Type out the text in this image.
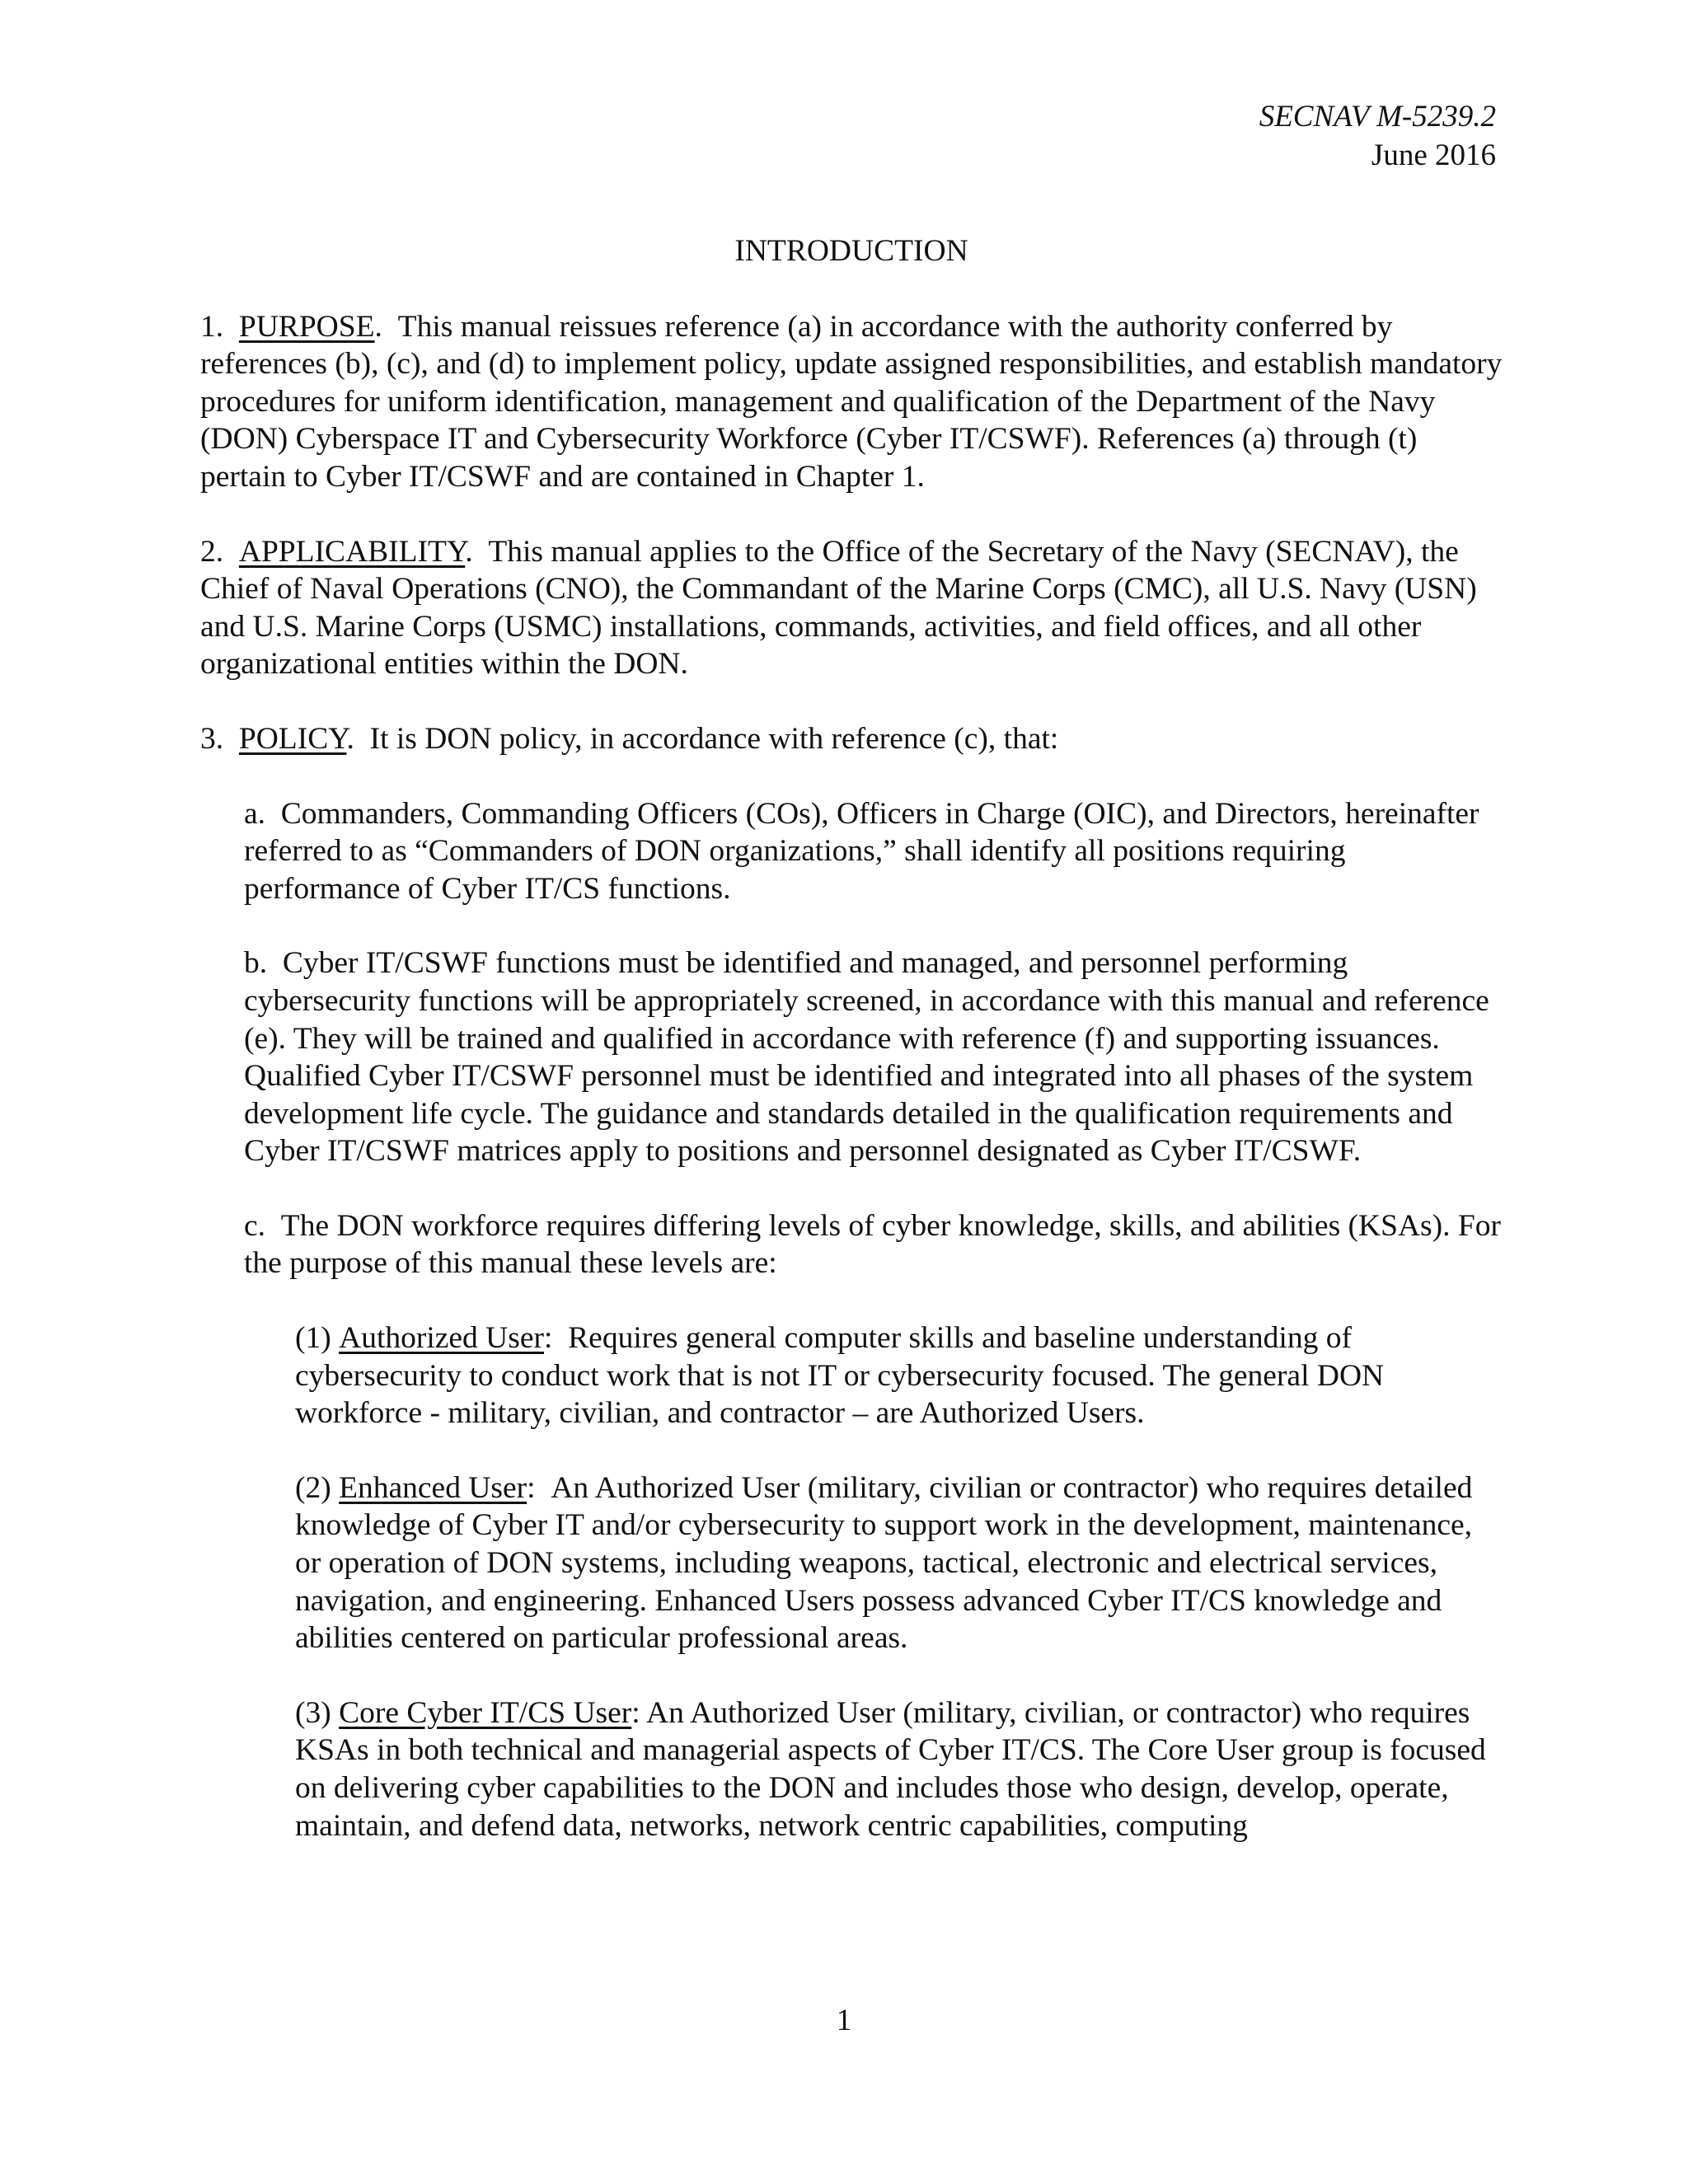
SECNAV M-5239.2
June 2016
INTRODUCTION

1. PURPOSE.  This manual reissues reference (a) in accordance with the authority conferred by references (b), (c), and (d) to implement policy, update assigned responsibilities, and establish mandatory procedures for uniform identification, management and qualification of the Department of the Navy (DON) Cyberspace IT and Cybersecurity Workforce (Cyber IT/CSWF). References (a) through (t) pertain to Cyber IT/CSWF and are contained in Chapter 1.

2. APPLICABILITY.  This manual applies to the Office of the Secretary of the Navy (SECNAV), the Chief of Naval Operations (CNO), the Commandant of the Marine Corps (CMC), all U.S. Navy (USN) and U.S. Marine Corps (USMC) installations, commands, activities, and field offices, and all other organizational entities within the DON.

3. POLICY.  It is DON policy, in accordance with reference (c), that:

a. Commanders, Commanding Officers (COs), Officers in Charge (OIC), and Directors, hereinafter referred to as “Commanders of DON organizations,” shall identify all positions requiring performance of Cyber IT/CS functions.

b. Cyber IT/CSWF functions must be identified and managed, and personnel performing cybersecurity functions will be appropriately screened, in accordance with this manual and reference (e). They will be trained and qualified in accordance with reference (f) and supporting issuances. Qualified Cyber IT/CSWF personnel must be identified and integrated into all phases of the system development life cycle. The guidance and standards detailed in the qualification requirements and Cyber IT/CSWF matrices apply to positions and personnel designated as Cyber IT/CSWF.

c. The DON workforce requires differing levels of cyber knowledge, skills, and abilities (KSAs). For the purpose of this manual these levels are:

(1) Authorized User:  Requires general computer skills and baseline understanding of cybersecurity to conduct work that is not IT or cybersecurity focused. The general DON workforce - military, civilian, and contractor – are Authorized Users.

(2) Enhanced User:  An Authorized User (military, civilian or contractor) who requires detailed knowledge of Cyber IT and/or cybersecurity to support work in the development, maintenance, or operation of DON systems, including weapons, tactical, electronic and electrical services, navigation, and engineering. Enhanced Users possess advanced Cyber IT/CS knowledge and abilities centered on particular professional areas.

(3) Core Cyber IT/CS User: An Authorized User (military, civilian, or contractor) who requires KSAs in both technical and managerial aspects of Cyber IT/CS. The Core User group is focused on delivering cyber capabilities to the DON and includes those who design, develop, operate, maintain, and defend data, networks, network centric capabilities, computing

1
